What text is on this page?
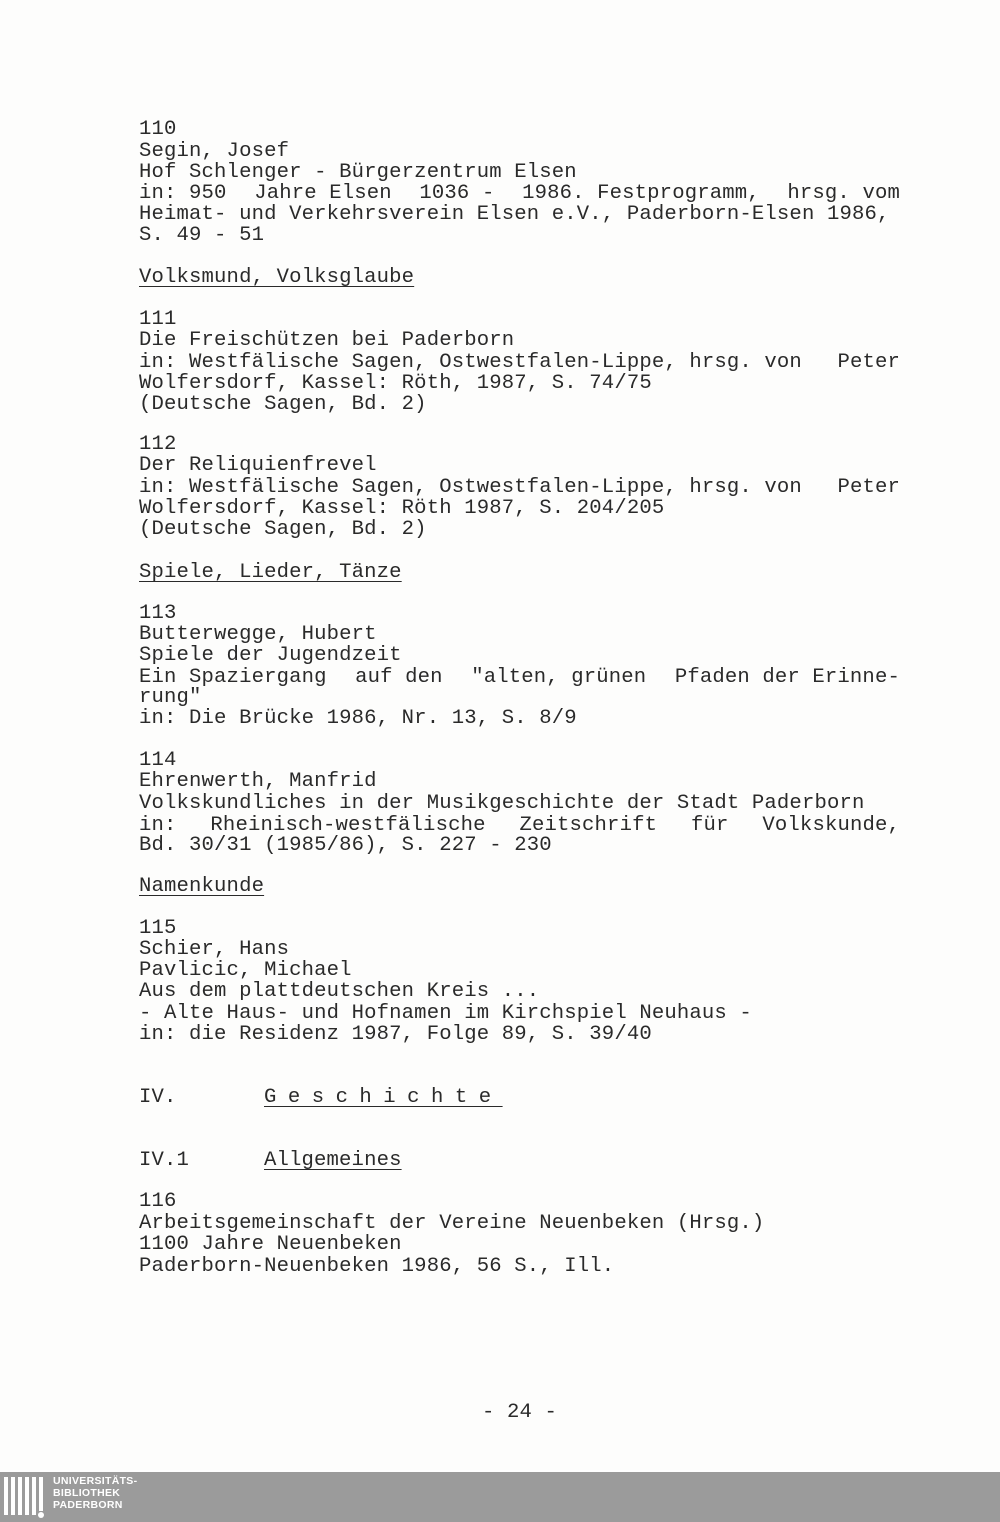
110

Segin, Josef

Hof Schlenger - Bürgerzentrum Elsen

in: 950 Jahre Elsen 1036 - 1986. Festprogramm, hrsg. vom

Heimat- und Verkehrsverein Elsen e.V., Paderborn-Elsen 1986,

S. 49 - 51

Volksmund, Volksglaube

111

Die Freischützen bei Paderborn

in: Westfälische Sagen, Ostwestfalen-Lippe, hrsg. von Peter

Wolfersdorf, Kassel: Röth, 1987, S. 74/75

(Deutsche Sagen, Bd. 2)

112

Der Reliquienfrevel

in: Westfälische Sagen, Ostwestfalen-Lippe, hrsg. von Peter

Wolfersdorf, Kassel: Röth 1987, S. 204/205

(Deutsche Sagen, Bd. 2)

Spiele, Lieder, Tänze

113

Butterwegge, Hubert

Spiele der Jugendzeit

Ein Spaziergang auf den "alten, grünen Pfaden der Erinne-

rung"

in: Die Brücke 1986, Nr. 13, S. 8/9

114

Ehrenwerth, Manfrid

Volkskundliches in der Musikgeschichte der Stadt Paderborn

in: Rheinisch-westfälische Zeitschrift für Volkskunde,

Bd. 30/31 (1985/86), S. 227 - 230

Namenkunde

115

Schier, Hans

Pavlicic, Michael

Aus dem plattdeutschen Kreis ...

- Alte Haus- und Hofnamen im Kirchspiel Neuhaus -

in: die Residenz 1987, Folge 89, S. 39/40

IV.	Geschichte

IV.1	Allgemeines

116

Arbeitsgemeinschaft der Vereine Neuenbeken (Hrsg.)

1100 Jahre Neuenbeken

Paderborn-Neuenbeken 1986, 56 S., Ill.

- 24 -

UNIVERSITÄTS-
BIBLIOTHEK
PADERBORN
